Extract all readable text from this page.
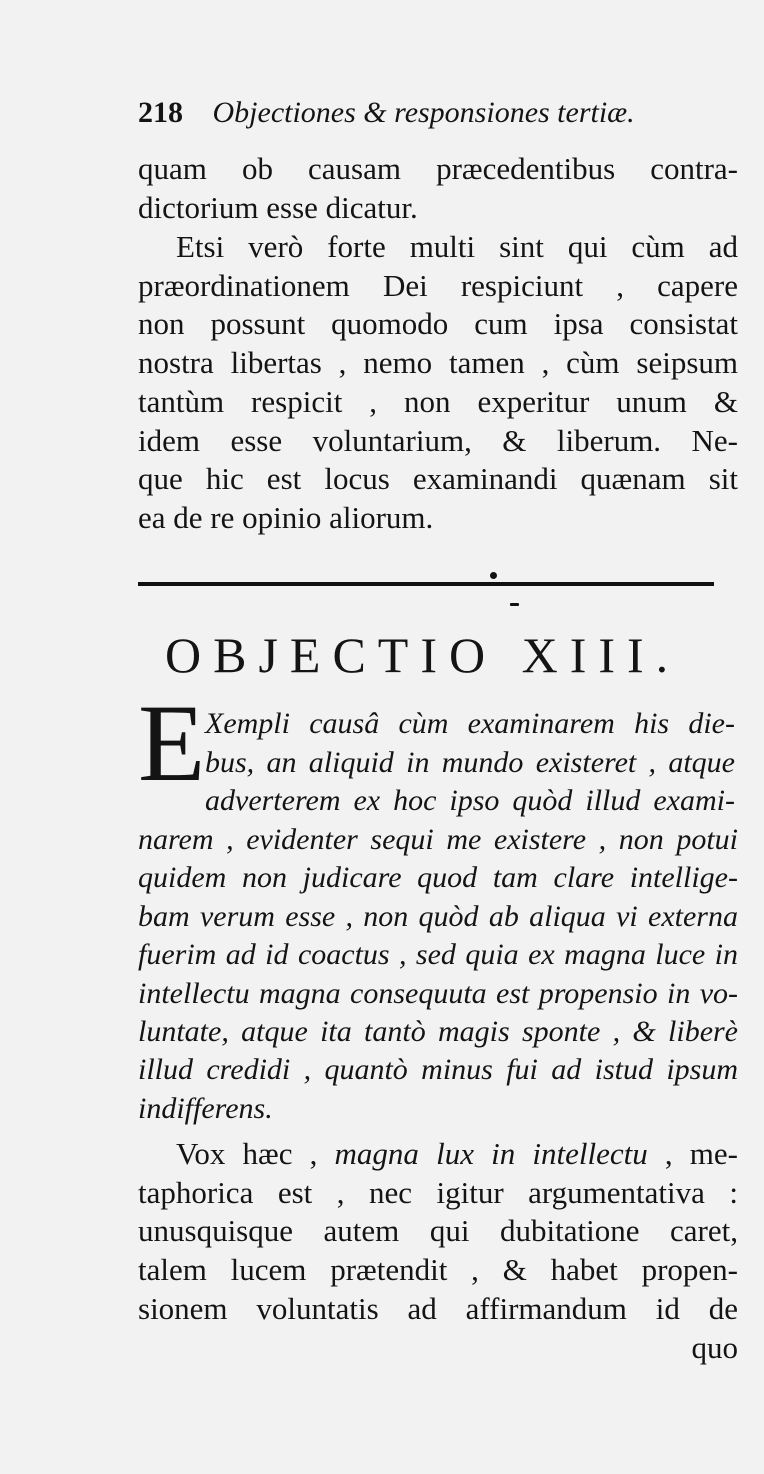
218 Objectiones & responsiones tertiæ.
quam ob causam præcedentibus contra-
dictorium esse dicatur.
Etsi verò forte multi sint qui cùm ad
præordinationem Dei respiciunt , capere
non possunt quomodo cum ipsa consistat
nostra libertas , nemo tamen , cùm seipsum
tantùm respicit , non experitur unum &
idem esse voluntarium, & liberum. Ne-
que hic est locus examinandi quænam sit
ea de re opinio aliorum.
OBJECTIO XIII.
E Xempli causâ cùm examinarem his die-
bus, an aliquid in mundo existeret , atque
adverterem ex hoc ipso quòd illud exami-
narem , evidenter sequi me existere , non potui
quidem non judicare quod tam clare intellige-
bam verum esse , non quòd ab aliqua vi externa
fuerim ad id coactus , sed quia ex magna luce in
intellectu magna consequuta est propensio in vo-
luntate, atque ita tantò magis sponte , & liberè
illud credidi , quantò minus fui ad istud ipsum
indifferens.
Vox hæc , magna lux in intellectu , me-
taphorica est , nec igitur argumentativa :
unusquisque autem qui dubitatione caret,
talem lucem prætendit , & habet propen-
sionem voluntatis ad affirmandum id de
quo
